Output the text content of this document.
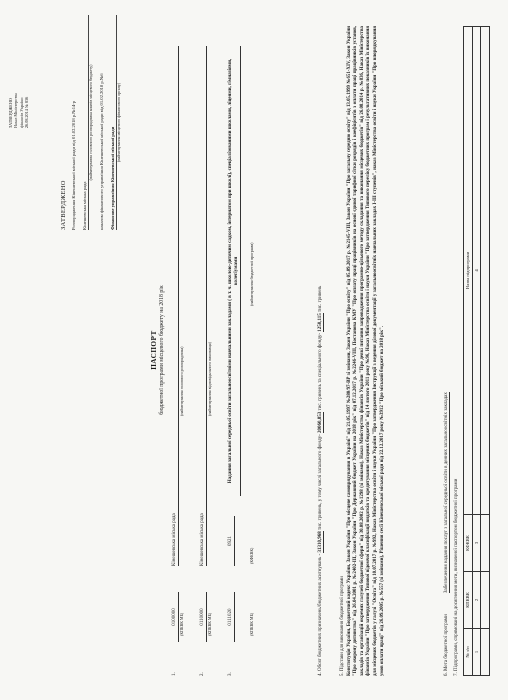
ЗАТВЕРДЖЕНО Наказ Міністерства фінансів України 26.08.2014 № 836
ЗАТВЕРДЖЕНО Розпорядження Кінешевської міської ради від 01.02.2018 р.№14-р Кінешевська міська рада
(найменування головного розпорядника коштів місцевого бюджету) наказом фінансового управління Кінешевської міської ради від 01.02.2018 р.№6 Фінансове управління Кінешевської міської ради
(найменування місцевого фінансового органу)
ПАСПОРТ бюджетної програми місцевого бюджету на 2018 рік
1.
0100000
Кінешевська міська рада
(КПКВК МБ)
(найменування головного розпорядника)
2.
0110000
Кінешевська міська рада
(КПКВК МБ)
(найменування відповідального виконавця)
3.
0111020
0921
Надання загальної середньої освіти загальноосвітніми навчальними закладами ( в т. ч. школою-дитячим садком, інтернатом при школі), спеціалізованими школами, ліцеями, гімназіями, колегіумами
(КПКВК МБ)
(КФКВК)
(найменування бюджетної програми)
4. Обсяг бюджетних призначень/бюджетних асигнувань - 31310,968 тис. гривень, у тому числі загального фонду- 20060,853 тис. гривень та спеціального фонду- 1250,115 тис. гривень
5. Підстави для виконання бюджетної програми Конституція України, Бюджетний кодекс України, Закон України "Про місцеве самоврядування в Україні" від 21.05.1997 №280/97-ВР зі змінами, Закон України "Про освіту" від 05.09.2017 р. №2145-VIII, Закон України "Про загальну середню освіту" від 13.05.1999 №651-XIV, Закон України "Про охорону дитинства" від 26.04.2001 р. №2402-III, Закон України "Про Державний бюджет України на 2018 рік" від 07.12.2017 р. №2246-VIII, Постанова КМУ "Про оплату праці працівників на основі єдиної тарифної сітки розрядів і коефіцієнтів з оплати праці працівників установ, закладів та організацій окремих галузей бюджетної сфери" від 30.08.2002 р. №1298 (зі змінами), Наказ Міністерства фінансів України "Про деякі питання запровадження програмно-цільового методу складання та виконання місцевих бюджетів" від 26.08.2014 р. №836, Наказ Міністерства фінансів України "Про затвердження Типової відомчої класифікації видатків та кредитування місцевих бюджетів" від 14 лютого 2011 року №96, Наказ Міністерства освіти і науки України "Про затвердження Типового переліку бюджетних програм і результативних показників їх виконання для місцевих бюджетів у галузі "Освіта" від 10.07.2017 р. №992, Наказ Міністерства освіти і науки України "Про затвердження Інструкції з ведення ділової документації у загальноосвітніх навчальних закладах І-ІІІ ступенів", наказ Міністерства освіти і науки України "Про впорядкування умов оплати праці" від 26.09.2005 р. №557 (зі змінами), Рішення сесії Кінешевської міської ради від 22.12.2017 року №3912 "Про міський бюджет на 2018 рік".	6. Мета бюджетної програми Забезпечення надання послуг з загальної середньої освіти в денних загальноосвітніх закладах 7. Підпрограми, спрямовані на досягнення мети, визначеної паспортом бюджетної програми № з/п	КПКВК	КФКВК	Назва підпрограми
1	2	3	4
